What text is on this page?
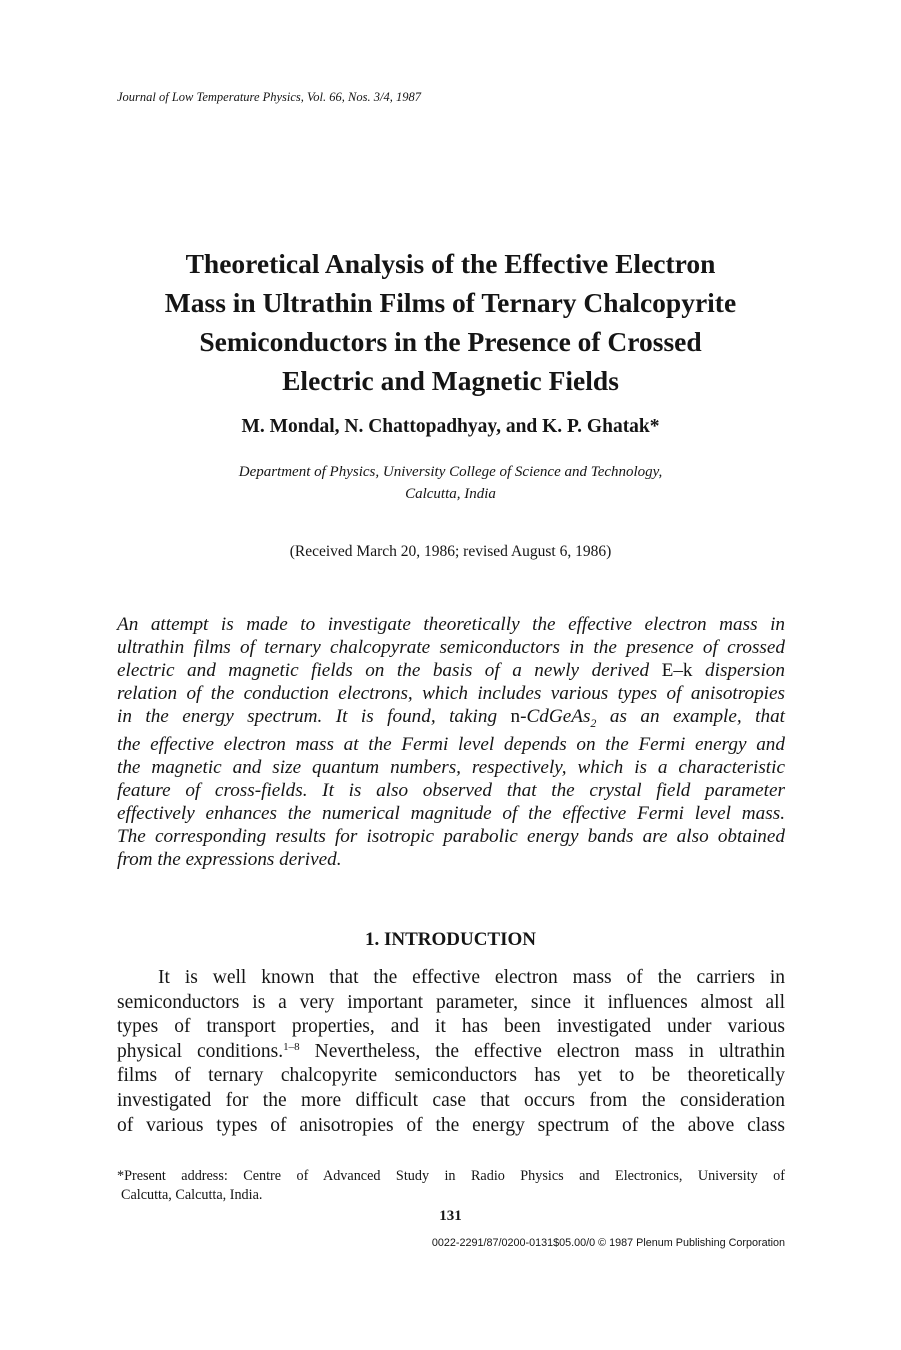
Journal of Low Temperature Physics, Vol. 66, Nos. 3/4, 1987
Theoretical Analysis of the Effective Electron
Mass in Ultrathin Films of Ternary Chalcopyrite
Semiconductors in the Presence of Crossed
Electric and Magnetic Fields
M. Mondal, N. Chattopadhyay, and K. P. Ghatak*
Department of Physics, University College of Science and Technology,
Calcutta, India
(Received March 20, 1986; revised August 6, 1986)
An attempt is made to investigate theoretically the effective electron mass in
ultrathin films of ternary chalcopyrate semiconductors in the presence of crossed
electric and magnetic fields on the basis of a newly derived E–k dispersion
relation of the conduction electrons, which includes various types of anisotropies
in the energy spectrum. It is found, taking n-CdGeAs$_2$ as an example, that
the effective electron mass at the Fermi level depends on the Fermi energy and
the magnetic and size quantum numbers, respectively, which is a characteristic
feature of cross-fields. It is also observed that the crystal field parameter
effectively enhances the numerical magnitude of the effective Fermi level mass.
The corresponding results for isotropic parabolic energy bands are also obtained
from the expressions derived.
1. INTRODUCTION
It is well known that the effective electron mass of the carriers in
semiconductors is a very important parameter, since it influences almost all
types of transport properties, and it has been investigated under various
physical conditions.$^{1-8}$ Nevertheless, the effective electron mass in ultrathin
films of ternary chalcopyrite semiconductors has yet to be theoretically
investigated for the more difficult case that occurs from the consideration
of various types of anisotropies of the energy spectrum of the above class
*Present address: Centre of Advanced Study in Radio Physics and Electronics, University of
Calcutta, Calcutta, India.
131
0022-2291/87/0200-0131$05.00/0 © 1987 Plenum Publishing Corporation
